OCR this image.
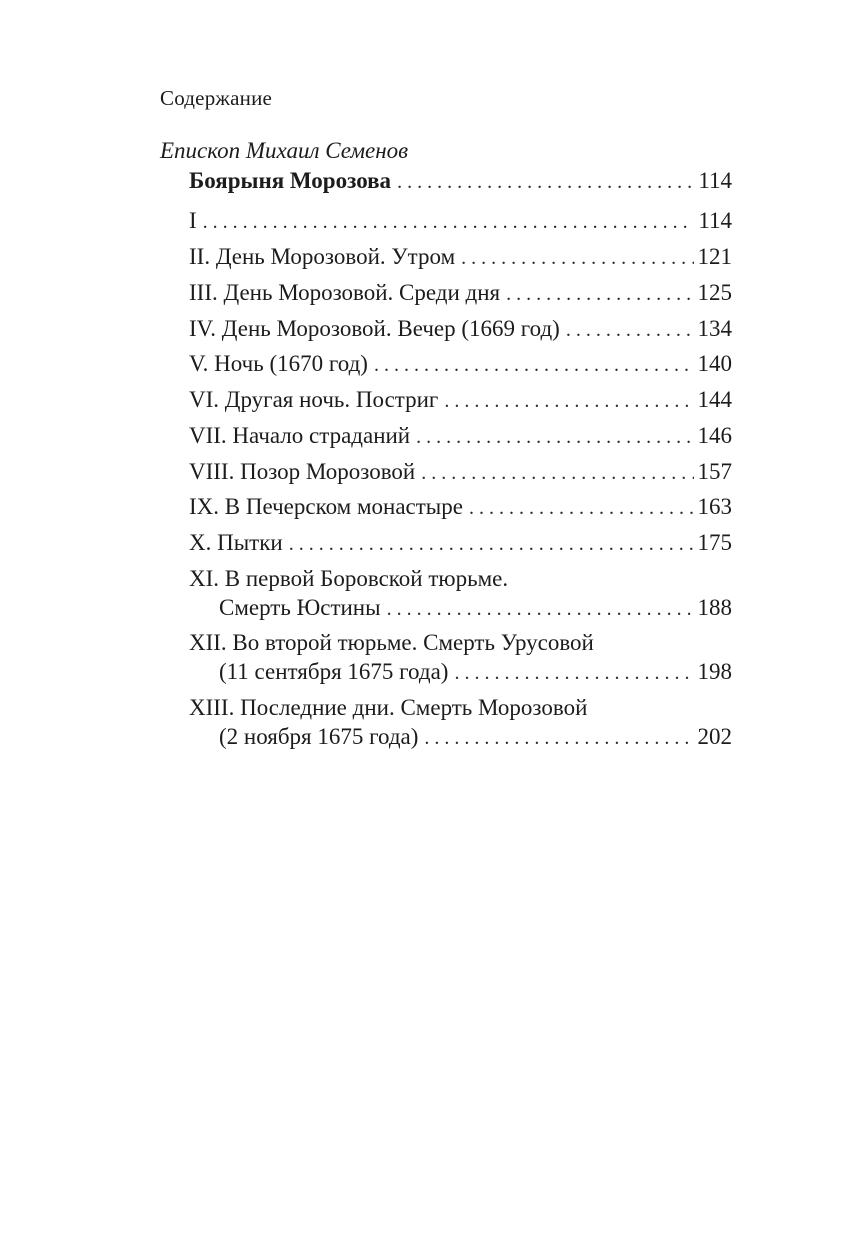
Содержание
Епископ Михаил Семенов
Боярыня Морозова . . .	114
I . . .	114
II. День Морозовой. Утром . . .	121
III. День Морозовой. Среди дня . . .	125
IV. День Морозовой. Вечер (1669 год) . . .	134
V. Ночь (1670 год) . . .	140
VI. Другая ночь. Постриг . . .	144
VII. Начало страданий . . .	146
VIII. Позор Морозовой . . .	157
IX. В Печерском монастыре . . .	163
X. Пытки . . .	175
XI. В первой Боровской тюрьме.
Смерть Юстины . . .	188
XII. Во второй тюрьме. Смерть Урусовой
(11 сентября 1675 года) . . .	198
XIII. Последние дни. Смерть Морозовой
(2 ноября 1675 года) . . .	202
